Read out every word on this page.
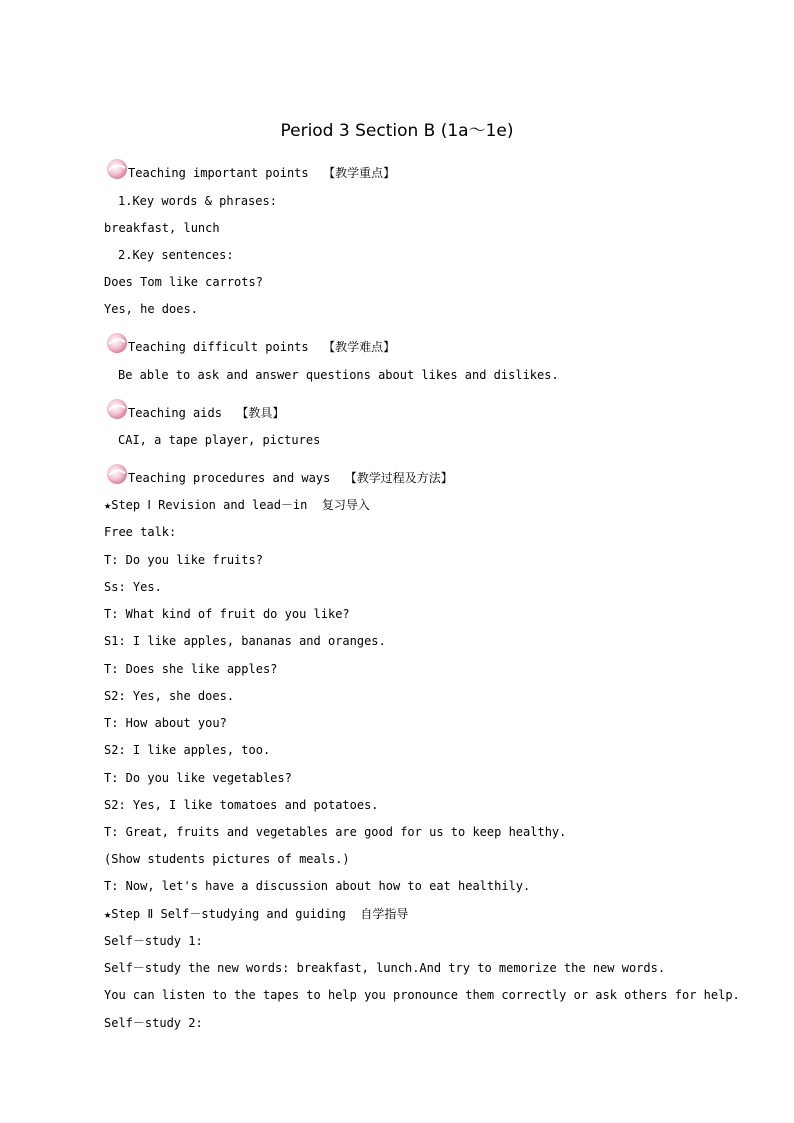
Period 3 Section B (1a～1e)

Teaching important points  【教学重点】

1.Key words & phrases:
breakfast, lunch
2.Key sentences:
Does Tom like carrots?
Yes, he does.

Teaching difficult points  【教学难点】

Be able to ask and answer questions about likes and dislikes.

Teaching aids  【教具】

CAI, a tape player, pictures

Teaching procedures and ways  【教学过程及方法】

★Step Ⅰ Revision and lead－in  复习导入
Free talk:
T: Do you like fruits?
Ss: Yes.
T: What kind of fruit do you like?
S1: I like apples, bananas and oranges.
T: Does she like apples?
S2: Yes, she does.
T: How about you?
S2: I like apples, too.
T: Do you like vegetables?
S2: Yes, I like tomatoes and potatoes.
T: Great, fruits and vegetables are good for us to keep healthy.
(Show students pictures of meals.)
T: Now, let's have a discussion about how to eat healthily.
★Step Ⅱ Self－studying and guiding  自学指导
Self－study 1:
Self－study the new words: breakfast, lunch.And try to memorize the new words.
You can listen to the tapes to help you pronounce them correctly or ask others for help.
Self－study 2:
